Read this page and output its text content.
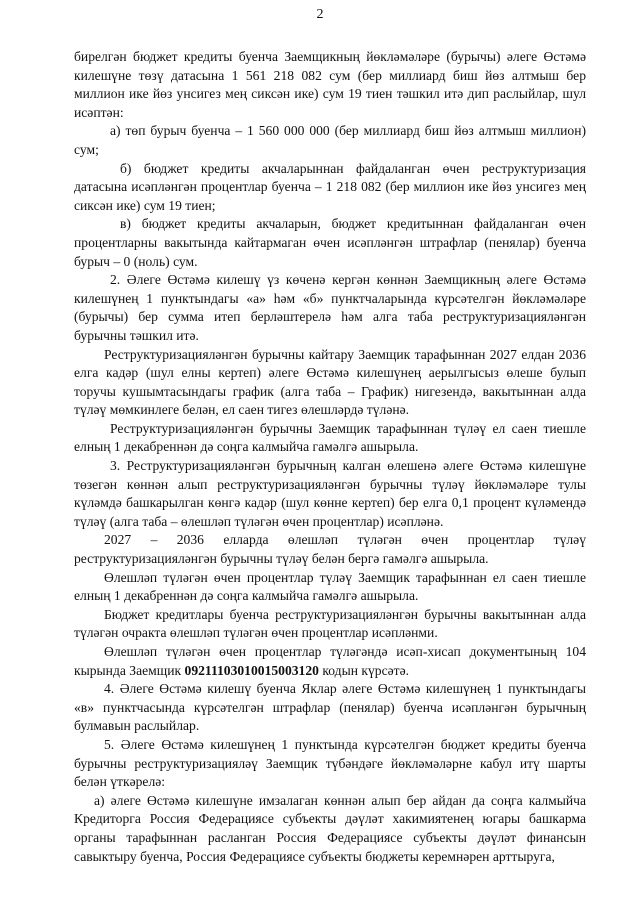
2

бирелгән бюджет кредиты буенча Заемщикның йөкләмәләре (бурычы) әлеге Өстәмә килешүне төзү датасына 1 561 218 082 сум (бер миллиард биш йөз алтмыш бер миллион ике йөз унсигез мең сиксән ике) сум 19 тиен тәшкил итә дип раслыйлар, шул исәптән:

а) төп бурыч буенча – 1 560 000 000 (бер миллиард биш йөз алтмыш миллион) сум;

б) бюджет кредиты акчаларыннан файдаланган өчен реструктуризация датасына исәпләнгән процентлар буенча – 1 218 082 (бер миллион ике йөз унсигез мең сиксән ике) сум 19 тиен;

в) бюджет кредиты акчаларын, бюджет кредитыннан файдаланган өчен процентларны вакытында кайтармаган өчен исәпләнгән штрафлар (пенялар) буенча бурыч – 0 (ноль) сум.

2. Әлеге Өстәмә килешү үз көченә кергән көннән Заемщикның әлеге Өстәмә килешүнең 1 пунктындагы «а» һәм «б» пунктчаларында күрсәтелгән йөкләмәләре (бурычы) бер сумма итеп берләштерелә һәм алга таба реструктуризацияләнгән бурычны тәшкил итә.

Реструктуризацияләнгән бурычны кайтару Заемщик тарафыннан 2027 елдан 2036 елга кадәр (шул елны кертеп) әлеге Өстәмә килешүнең аерылгысыз өлеше булып торучы кушымтасындагы график (алга таба – График) нигезендә, вакытыннан алда түләү мөмкинлеге белән, ел саен тигез өлешләрдә түләнә.

Реструктуризацияләнгән бурычны Заемщик тарафыннан түләү ел саен тиешле елның 1 декабреннән дә соңга калмыйча гамәлгә ашырыла.

3. Реструктуризацияләнгән бурычның калган өлешенә әлеге Өстәмә килешүне төзегән көннән алып реструктуризацияләнгән бурычны түләү йөкләмәләре тулы күләмдә башкарылган көнгә кадәр (шул көнне кертеп) бер елга 0,1 процент күләмендә түләү (алга таба – өлешләп түләгән өчен процентлар) исәпләнә.

2027 – 2036 елларда өлешләп түләгән өчен процентлар түләү реструктуризацияләнгән бурычны түләү белән бергә гамәлгә ашырыла.

Өлешләп түләгән өчен процентлар түләү Заемщик тарафыннан ел саен тиешле елның 1 декабреннән дә соңга калмыйча гамәлгә ашырыла.

Бюджет кредитлары буенча реструктуризацияләнгән бурычны вакытыннан алда түләгән очракта өлешләп түләгән өчен процентлар исәпләнми.

Өлешләп түләгән өчен процентлар түләгәндә исәп-хисап документының 104 кырында Заемщик 09211103010015003120 кодын күрсәтә.

4. Әлеге Өстәмә килешү буенча Яклар әлеге Өстәмә килешүнең 1 пунктындагы «в» пунктчасында күрсәтелгән штрафлар (пенялар) буенча исәпләнгән бурычның булмавын раслыйлар.

5. Әлеге Өстәмә килешүнең 1 пунктында күрсәтелгән бюджет кредиты буенча бурычны реструктуризацияләү Заемщик түбәндәге йөкләмәләрне кабул итү шарты белән үткәрелә:

а) әлеге Өстәмә килешүне имзалаган көннән алып бер айдан да соңга калмыйча Кредиторга Россия Федерациясе субъекты дәүләт хакимиятенең югары башкарма органы тарафыннан расланган Россия Федерациясе субъекты дәүләт финансын савыктыру буенча, Россия Федерациясе субъекты бюджеты керемнәрен арттыруга,
